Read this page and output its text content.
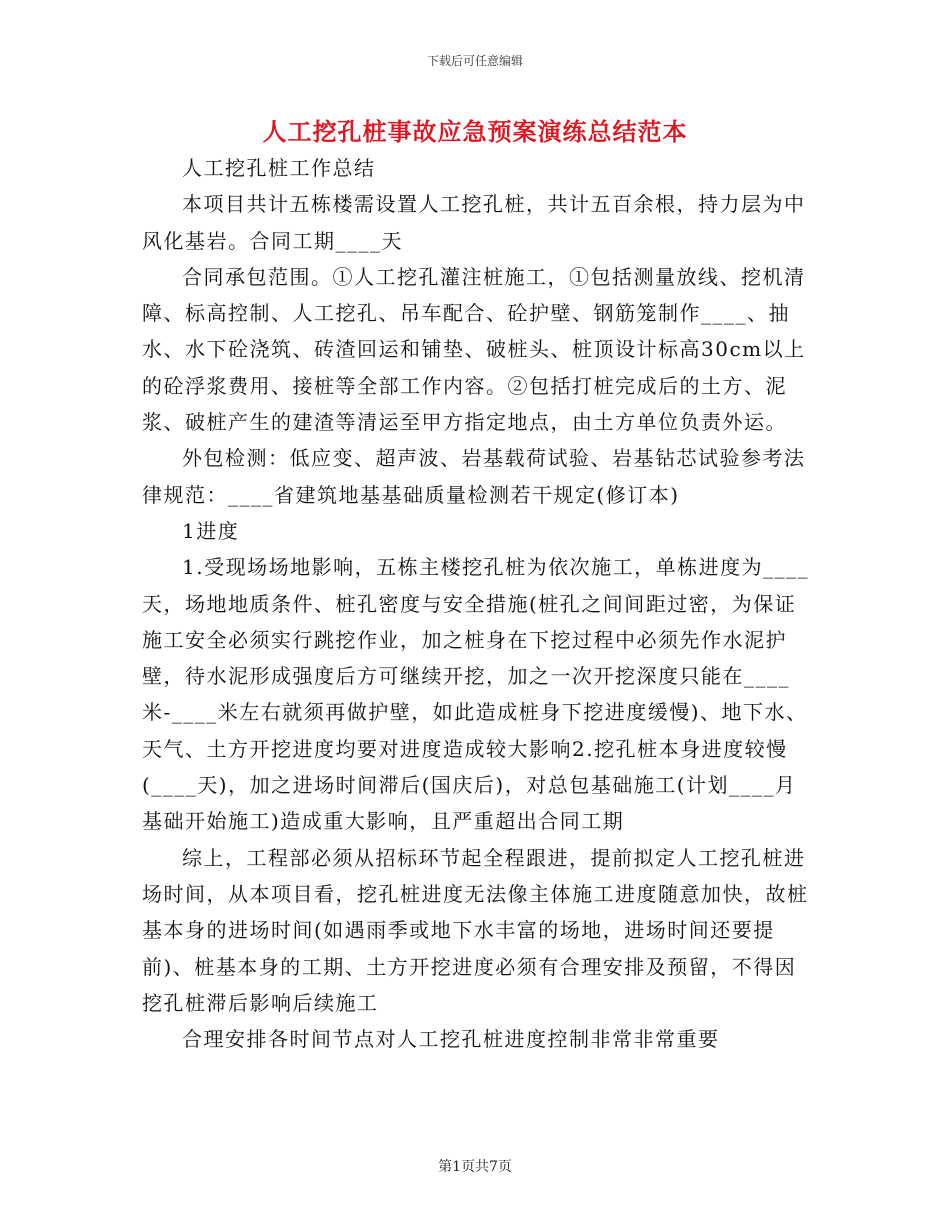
下载后可任意编辑
人工挖孔桩事故应急预案演练总结范本

人工挖孔桩工作总结

本项目共计五栋楼需设置人工挖孔桩，共计五百余根，持力层为中风化基岩。合同工期____天

合同承包范围。①人工挖孔灌注桩施工，①包括测量放线、挖机清障、标高控制、人工挖孔、吊车配合、砼护壁、钢筋笼制作____、抽水、水下砼浇筑、砖渣回运和铺垫、破桩头、桩顶设计标高30cm以上的砼浮浆费用、接桩等全部工作内容。②包括打桩完成后的土方、泥浆、破桩产生的建渣等清运至甲方指定地点，由土方单位负责外运。

外包检测：低应变、超声波、岩基载荷试验、岩基钻芯试验参考法律规范：____省建筑地基基础质量检测若干规定(修订本)

1进度

1.受现场场地影响，五栋主楼挖孔桩为依次施工，单栋进度为____天，场地地质条件、桩孔密度与安全措施(桩孔之间间距过密，为保证施工安全必须实行跳挖作业，加之桩身在下挖过程中必须先作水泥护壁，待水泥形成强度后方可继续开挖，加之一次开挖深度只能在____米-____米左右就须再做护壁，如此造成桩身下挖进度缓慢)、地下水、天气、土方开挖进度均要对进度造成较大影响2.挖孔桩本身进度较慢(____天)，加之进场时间滞后(国庆后)，对总包基础施工(计划____月基础开始施工)造成重大影响，且严重超出合同工期

综上，工程部必须从招标环节起全程跟进，提前拟定人工挖孔桩进场时间，从本项目看，挖孔桩进度无法像主体施工进度随意加快，故桩基本身的进场时间(如遇雨季或地下水丰富的场地，进场时间还要提前)、桩基本身的工期、土方开挖进度必须有合理安排及预留，不得因挖孔桩滞后影响后续施工

合理安排各时间节点对人工挖孔桩进度控制非常非常重要

第1页共7页
